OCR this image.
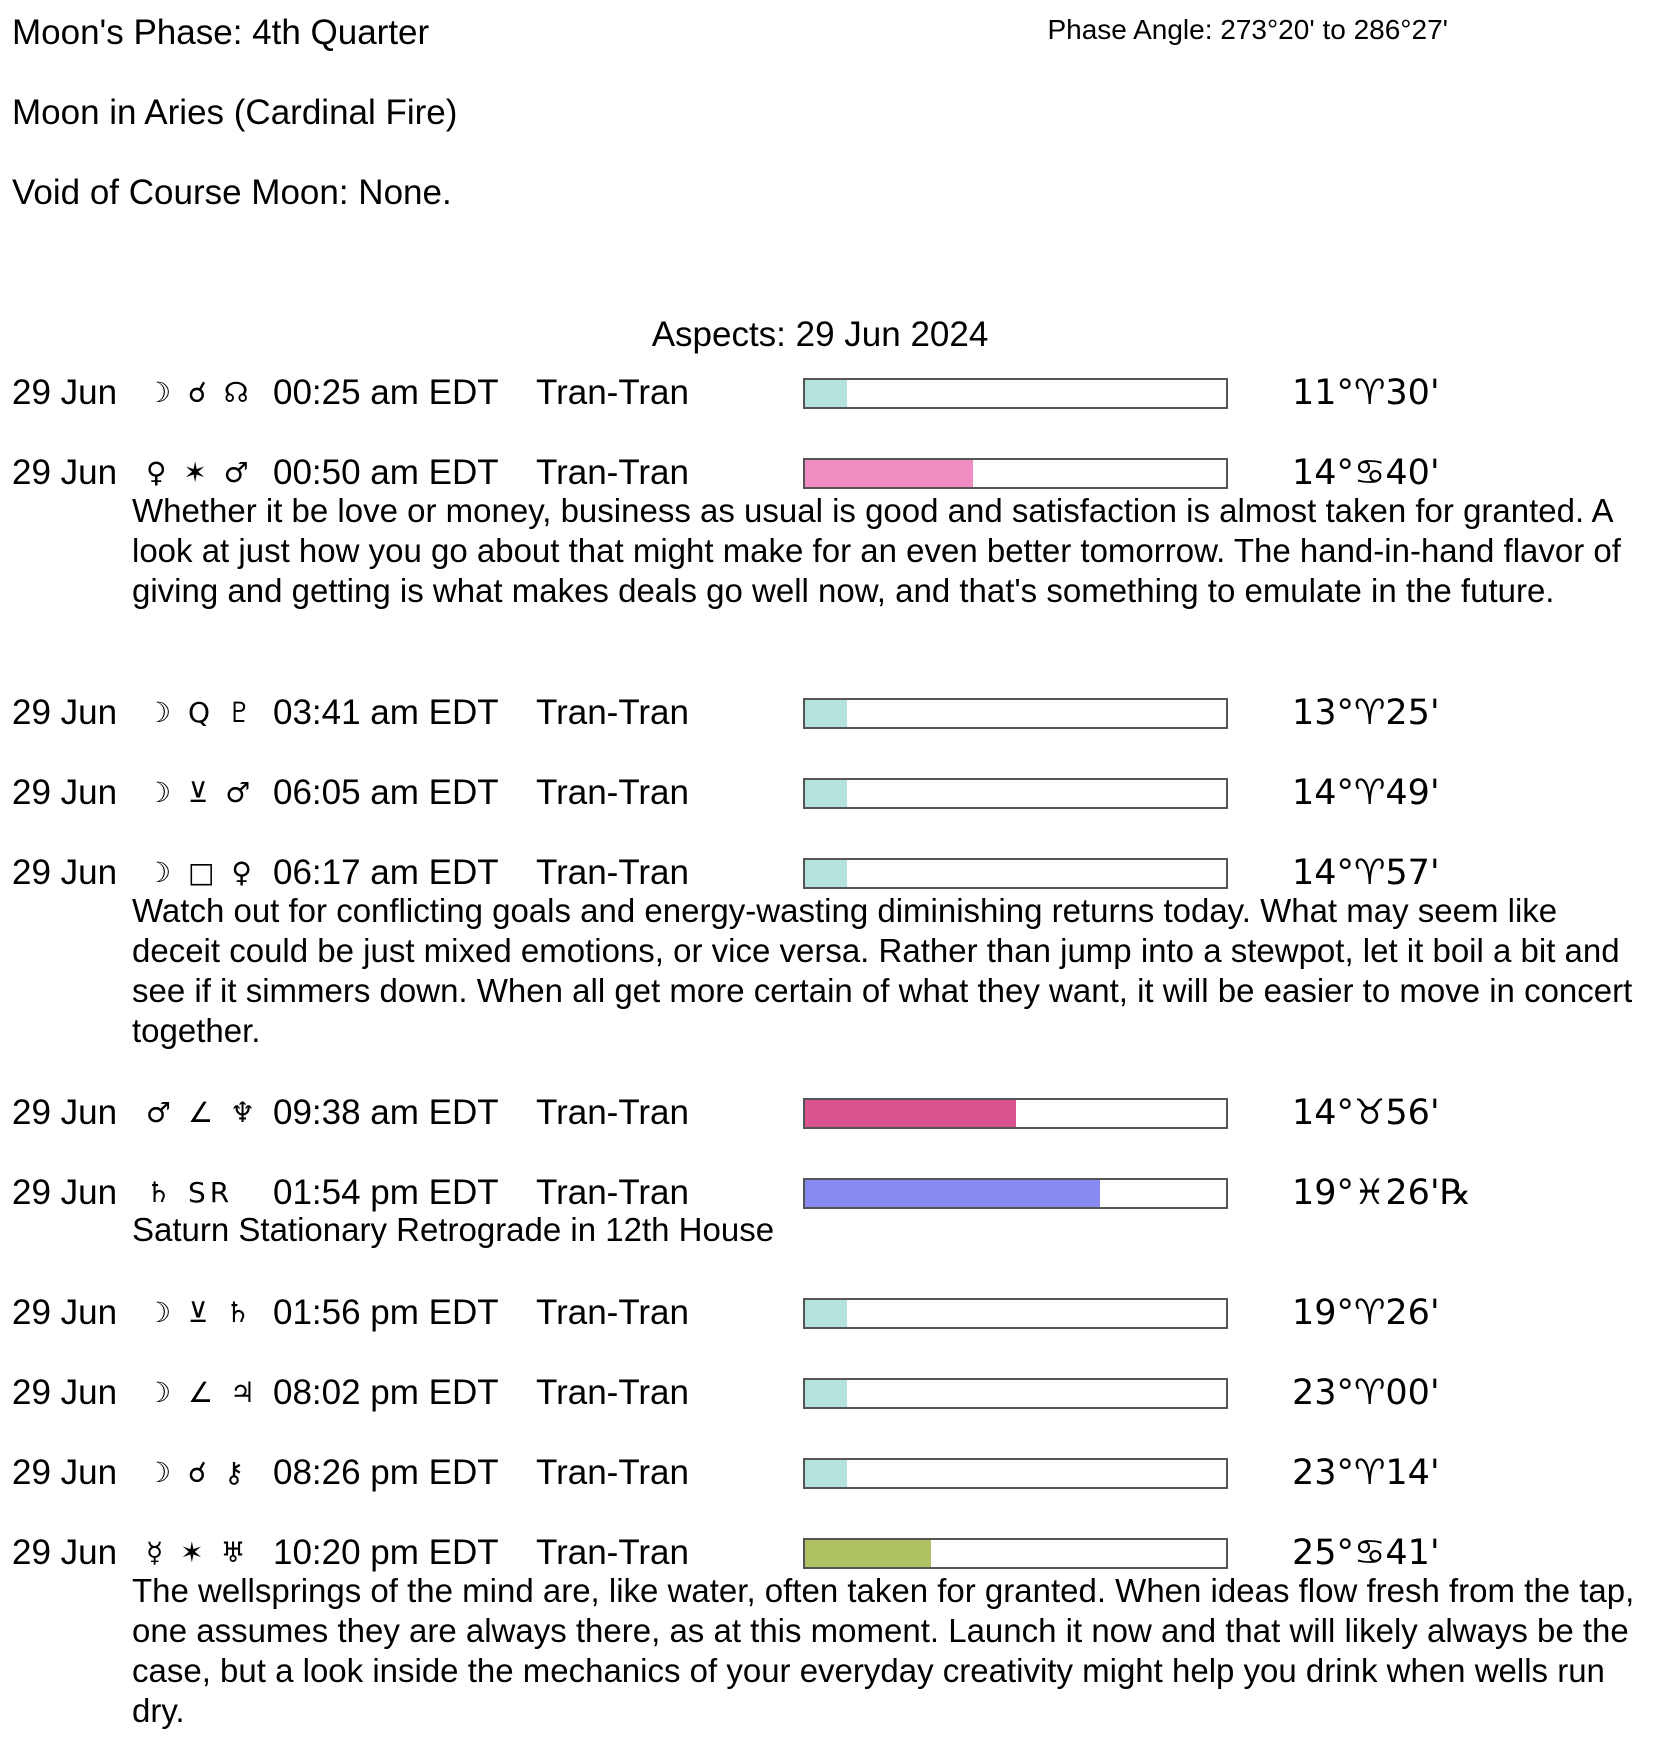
Moon's Phase: 4th Quarter	Phase Angle: 273°20' to 286°27'
Moon in Aries (Cardinal Fire)
Void of Course Moon: None.
Aspects: 29 Jun 2024
29 Jun ☽ ☌ ☊ 00:25 am EDT Tran-Tran	11°♈30'
29 Jun ♀ ✶ ♂ 00:50 am EDT Tran-Tran	14°♋40'
Whether it be love or money, business as usual is good and satisfaction is almost taken for granted. A look at just how you go about that might make for an even better tomorrow. The hand-in-hand flavor of giving and getting is what makes deals go well now, and that's something to emulate in the future.
29 Jun ☽ Q ♇ 03:41 am EDT Tran-Tran	13°♈25'
29 Jun ☽ ⊻ ♂ 06:05 am EDT Tran-Tran	14°♈49'
29 Jun ☽ □ ♀ 06:17 am EDT Tran-Tran	14°♈57'
Watch out for conflicting goals and energy-wasting diminishing returns today. What may seem like deceit could be just mixed emotions, or vice versa. Rather than jump into a stewpot, let it boil a bit and see if it simmers down. When all get more certain of what they want, it will be easier to move in concert together.
29 Jun ♂ ∠ ♆ 09:38 am EDT Tran-Tran	14°♉56'
29 Jun ♄ SR 01:54 pm EDT Tran-Tran	19°♓26'℞
Saturn Stationary Retrograde in 12th House
29 Jun ☽ ⊻ ♄ 01:56 pm EDT Tran-Tran	19°♈26'
29 Jun ☽ ∠ ♃ 08:02 pm EDT Tran-Tran	23°♈00'
29 Jun ☽ ☌ ⚷ 08:26 pm EDT Tran-Tran	23°♈14'
29 Jun ☿ ✶ ♅ 10:20 pm EDT Tran-Tran	25°♋41'
The wellsprings of the mind are, like water, often taken for granted. When ideas flow fresh from the tap, one assumes they are always there, as at this moment. Launch it now and that will likely always be the case, but a look inside the mechanics of your everyday creativity might help you drink when wells run dry.
